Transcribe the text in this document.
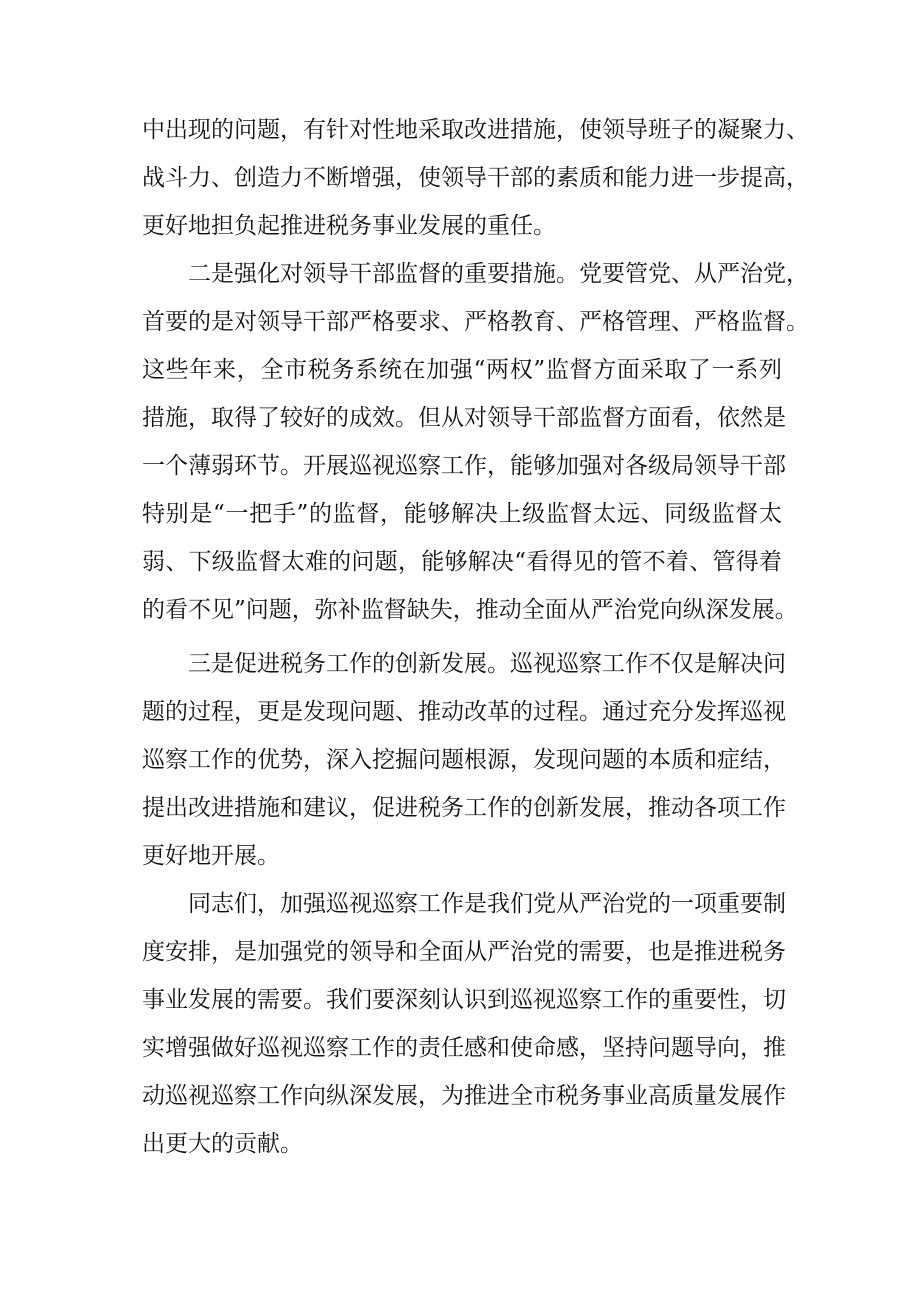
中出现的问题，有针对性地采取改进措施，使领导班子的凝聚力、
战斗力、创造力不断增强，使领导干部的素质和能力进一步提高，
更好地担负起推进税务事业发展的重任。
二是强化对领导干部监督的重要措施。党要管党、从严治党，
首要的是对领导干部严格要求、严格教育、严格管理、严格监督。
这些年来，全市税务系统在加强“两权”监督方面采取了一系列
措施，取得了较好的成效。但从对领导干部监督方面看，依然是
一个薄弱环节。开展巡视巡察工作，能够加强对各级局领导干部
特别是“一把手”的监督，能够解决上级监督太远、同级监督太
弱、下级监督太难的问题，能够解决“看得见的管不着、管得着
的看不见”问题，弥补监督缺失，推动全面从严治党向纵深发展。
三是促进税务工作的创新发展。巡视巡察工作不仅是解决问
题的过程，更是发现问题、推动改革的过程。通过充分发挥巡视
巡察工作的优势，深入挖掘问题根源，发现问题的本质和症结，
提出改进措施和建议，促进税务工作的创新发展，推动各项工作
更好地开展。
同志们，加强巡视巡察工作是我们党从严治党的一项重要制
度安排，是加强党的领导和全面从严治党的需要，也是推进税务
事业发展的需要。我们要深刻认识到巡视巡察工作的重要性，切
实增强做好巡视巡察工作的责任感和使命感，坚持问题导向，推
动巡视巡察工作向纵深发展，为推进全市税务事业高质量发展作
出更大的贡献。
